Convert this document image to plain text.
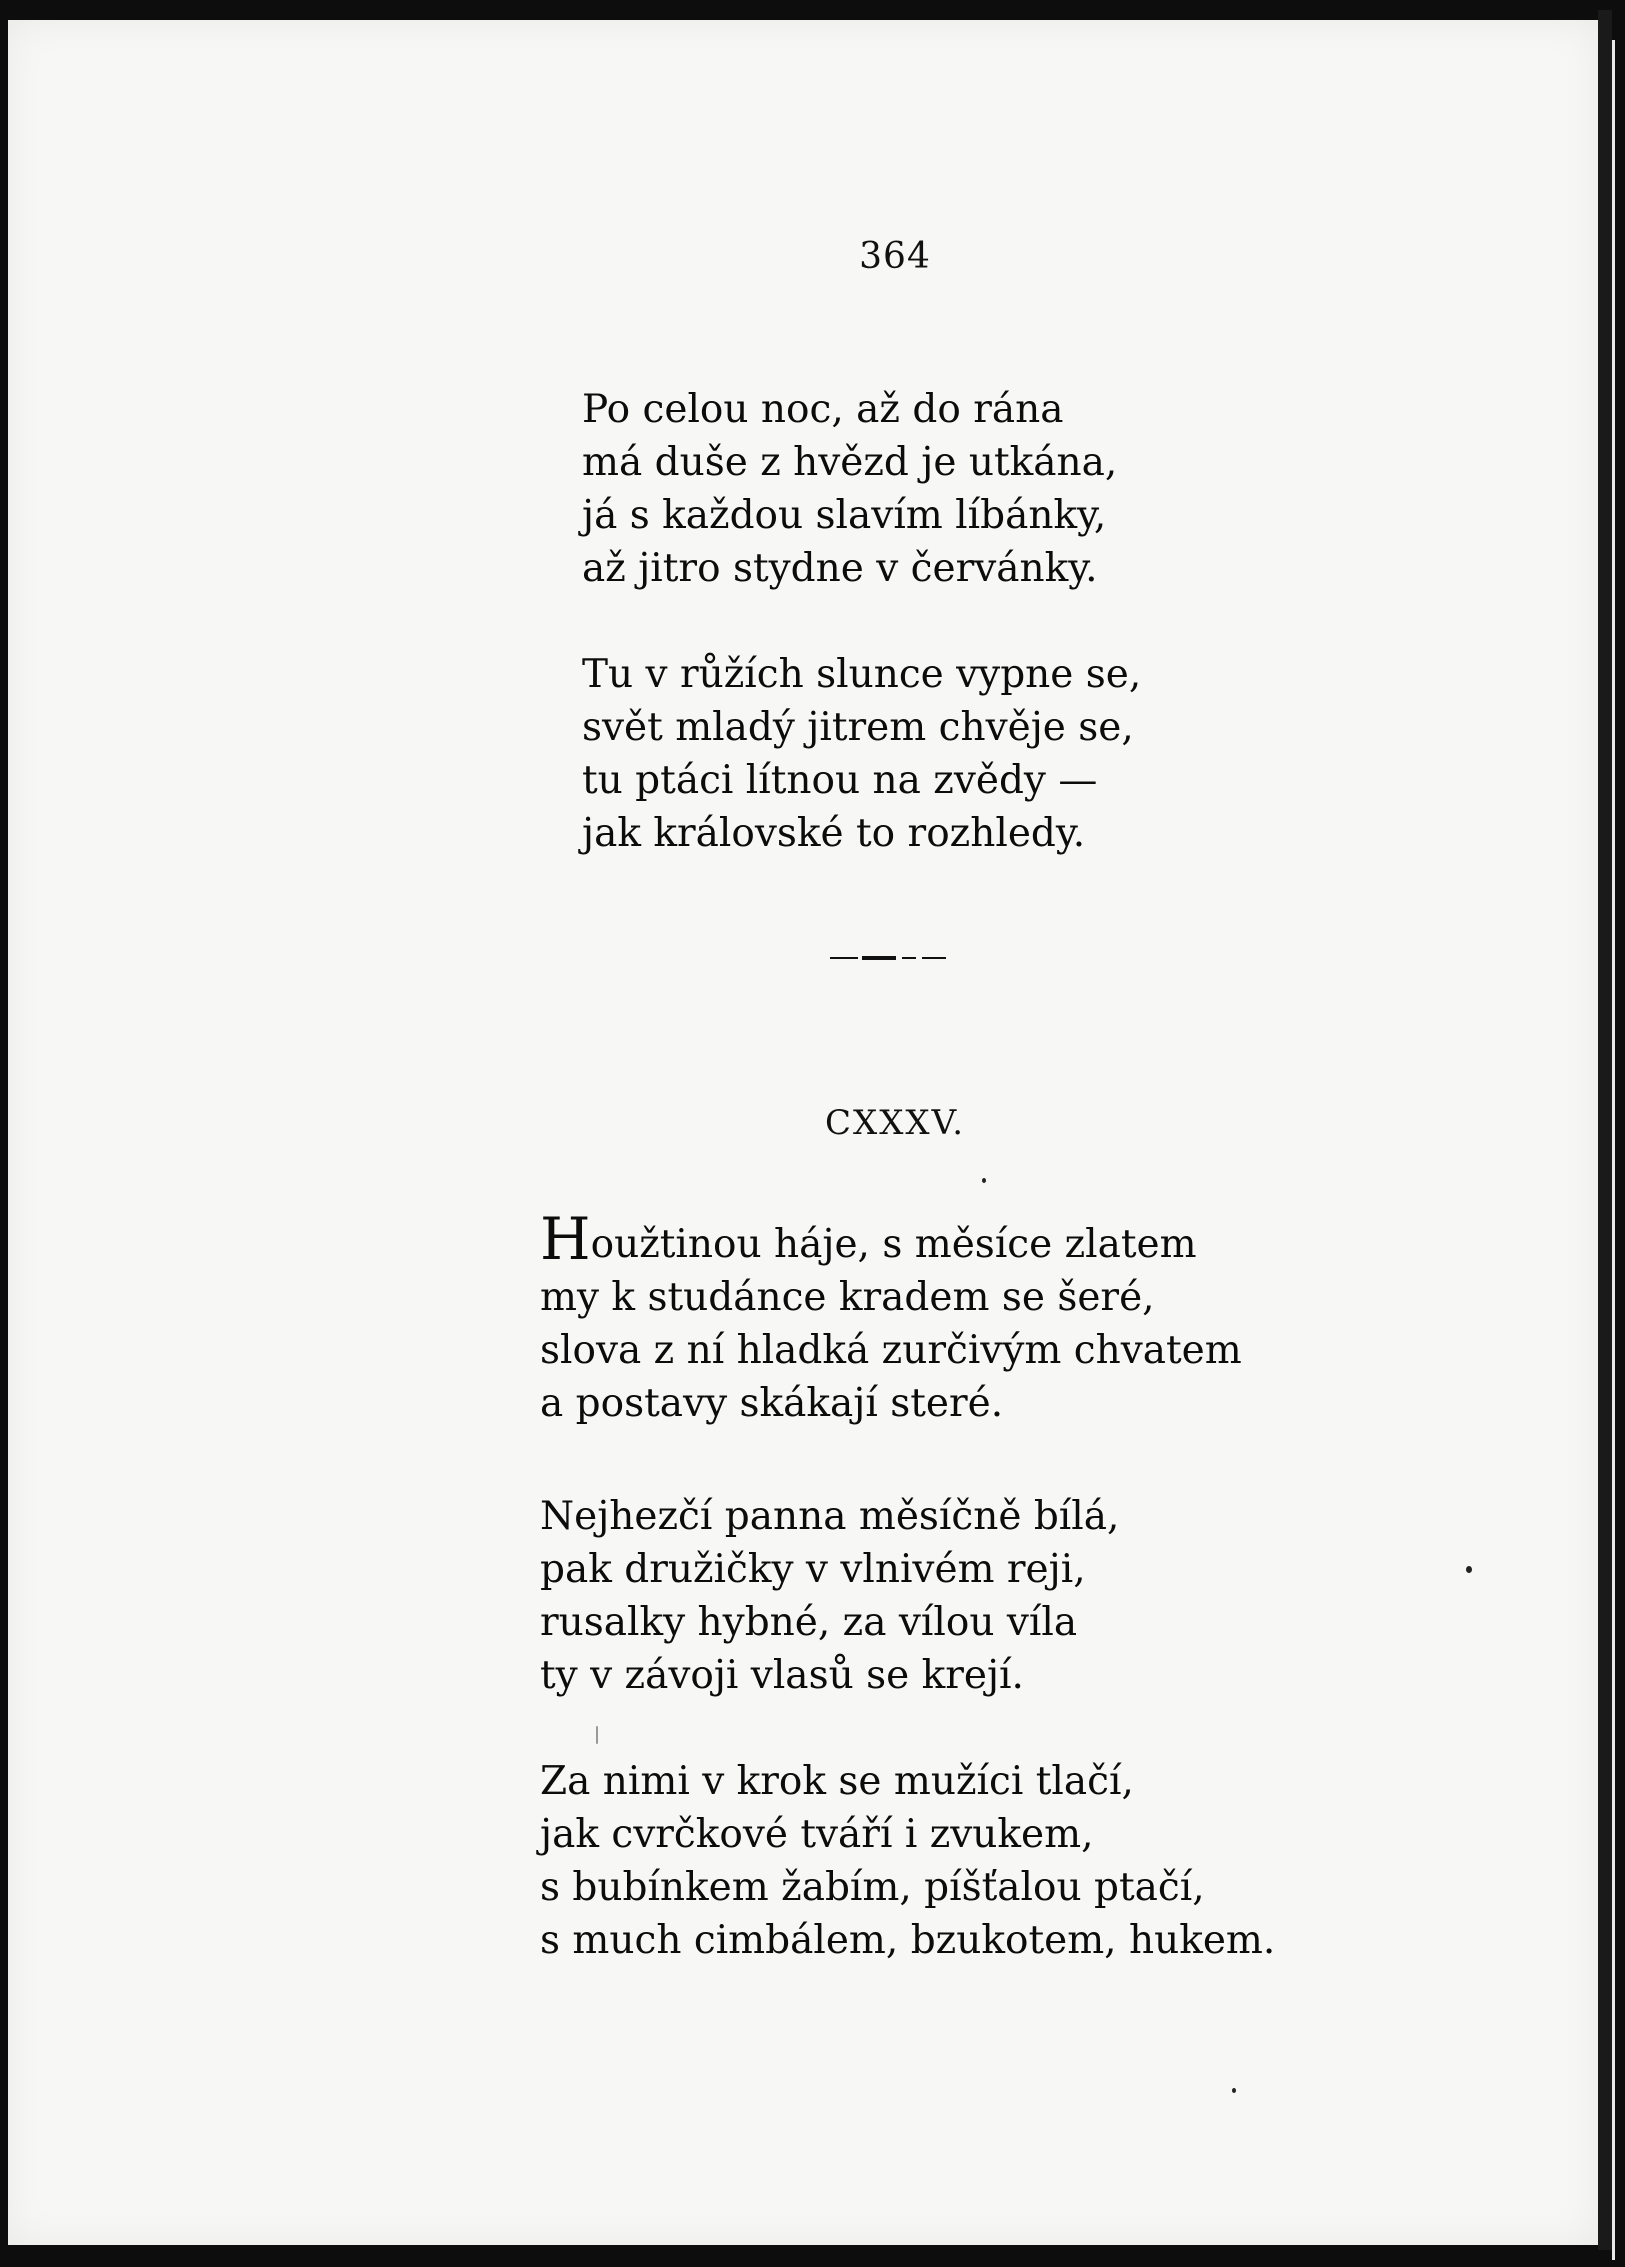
364
Po celou noc, až do rána
má duše z hvězd je utkána,
já s každou slavím líbánky,
až jitro stydne v červánky.
Tu v růžích slunce vypne se,
svět mladý jitrem chvěje se,
tu ptáci lítnou na zvědy —
jak královské to rozhledy.
CXXXV.
Houžtinou háje, s měsíce zlatem
my k studánce kradem se šeré,
slova z ní hladká zurčivým chvatem
a postavy skákají steré.
Nejhezčí panna měsíčně bílá,
pak družičky v vlnivém reji,
rusalky hybné, za vílou víla
ty v závoji vlasů se krejí.
Za nimi v krok se mužíci tlačí,
jak cvrčkové tváří i zvukem,
s bubínkem žabím, píšťalou ptačí,
s much cimbálem, bzukotem, hukem.
